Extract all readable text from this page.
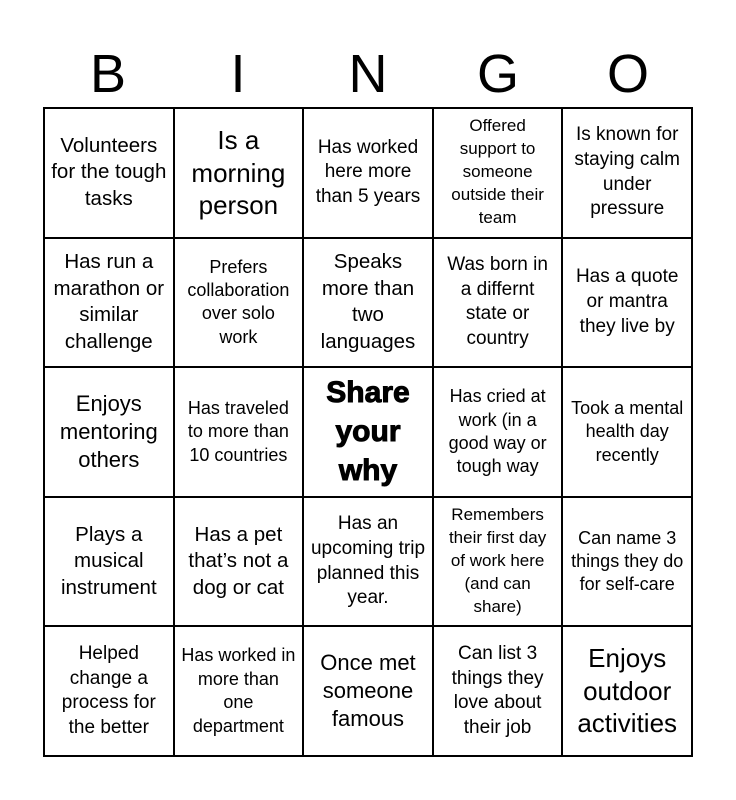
B	I	N	G	O
Volunteers for the tough tasks
Is a morning person
Has worked here more than 5 years
Offered support to someone outside their team
Is known for staying calm under pressure
Has run a marathon or similar challenge
Prefers collaboration over solo work
Speaks more than two languages
Was born in a differnt state or country
Has a quote or mantra they live by
Enjoys mentoring others
Has traveled to more than 10 countries
Share your why
Has cried at work (in a good way or tough way
Took a mental health day recently
Plays a musical instrument
Has a pet that’s not a dog or cat
Has an upcoming trip planned this year.
Remembers their first day of work here (and can share)
Can name 3 things they do for self-care
Helped change a process for the better
Has worked in more than one department
Once met someone famous
Can list 3 things they love about their job
Enjoys outdoor activities
